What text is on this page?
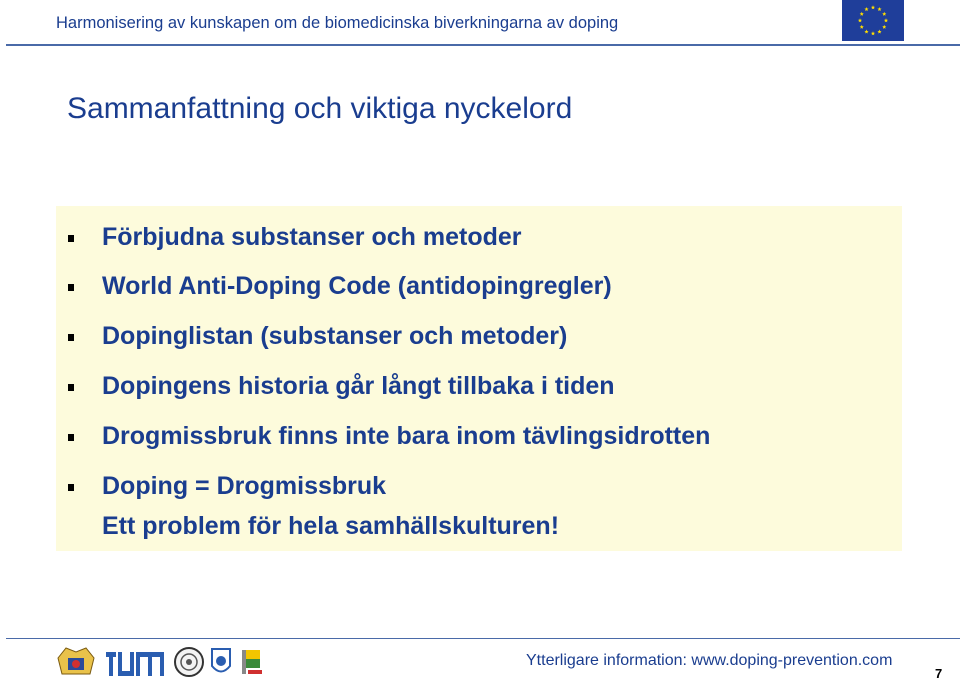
Harmonisering av kunskapen om de biomedicinska biverkningarna av doping
Sammanfattning och viktiga nyckelord
Förbjudna substanser och metoder
World Anti-Doping Code (antidopingregler)
Dopinglistan (substanser och metoder)
Dopingens historia går långt tillbaka i tiden
Drogmissbruk finns inte bara inom tävlingsidrotten
Doping = Drogmissbruk
Ett problem för hela samhällskulturen!
Ytterligare information: www.doping-prevention.com
7
